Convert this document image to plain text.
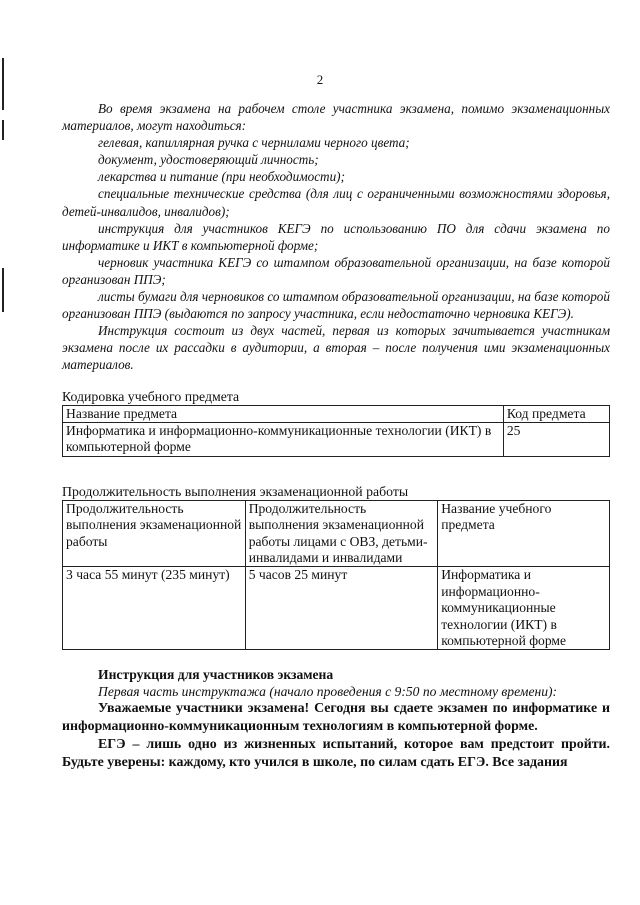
2

Во время экзамена на рабочем столе участника экзамена, помимо экзаменационных материалов, могут находиться:

гелевая, капиллярная ручка с чернилами черного цвета;

документ, удостоверяющий личность;

лекарства и питание (при необходимости);

специальные технические средства (для лиц с ограниченными возможностями здоровья, детей-инвалидов, инвалидов);

инструкция для участников КЕГЭ по использованию ПО для сдачи экзамена по информатике и ИКТ в компьютерной форме;

черновик участника КЕГЭ со штампом образовательной организации, на базе которой организован ППЭ;

листы бумаги для черновиков со штампом образовательной организации, на базе которой организован ППЭ (выдаются по запросу участника, если недостаточно черновика КЕГЭ).

Инструкция состоит из двух частей, первая из которых зачитывается участникам экзамена после их рассадки в аудитории, а вторая – после получения ими экзаменационных материалов.

Кодировка учебного предмета

Название предмета	Код предмета
Информатика и информационно-коммуникационные технологии (ИКТ) в компьютерной форме	25

Продолжительность выполнения экзаменационной работы

Продолжительность выполнения экзаменационной работы	Продолжительность выполнения экзаменационной работы лицами с ОВЗ, детьми-инвалидами и инвалидами	Название учебного предмета
3 часа 55 минут (235 минут)	5 часов 25 минут	Информатика и информационно-коммуникационные технологии (ИКТ) в компьютерной форме

Инструкция для участников экзамена

Первая часть инструктажа (начало проведения с 9:50 по местному времени):

Уважаемые участники экзамена! Сегодня вы сдаете экзамен по информатике и информационно-коммуникационным технологиям в компьютерной форме.

ЕГЭ – лишь одно из жизненных испытаний, которое вам предстоит пройти. Будьте уверены: каждому, кто учился в школе, по силам сдать ЕГЭ. Все задания
